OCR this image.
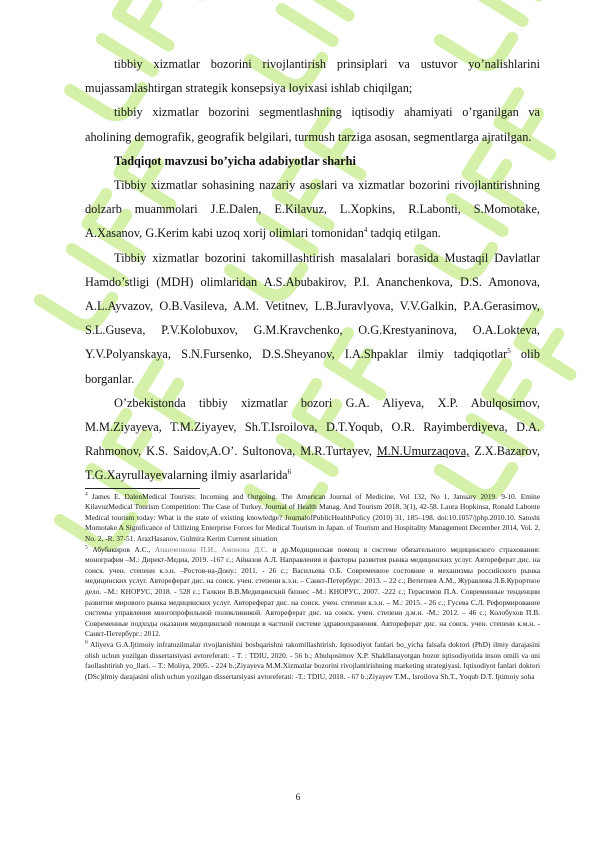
tibbiy xizmatlar bozorini rivojlantirish prinsiplari va ustuvor yo’nalishlarini mujassamlashtirgan strategik konsepsiya loyixasi ishlab chiqilgan;

tibbiy xizmatlar bozorini segmentlashning iqtisodiy ahamiyati o’rganilgan va aholining demografik, geografik belgilari, turmush tarziga asosan, segmentlarga ajratilgan.

Tadqiqot mavzusi bo’yicha adabiyotlar sharhi

Tibbiy xizmatlar sohasining nazariy asoslari va xizmatlar bozorini rivojlantirishning dolzarb muammolari J.E.Dalen, E.Kilavuz, L.Xopkins, R.Labonti, S.Momotake, A.Xasanov, G.Kerim kabi uzoq xorij olimlari tomonidan$^4$ tadqiq etilgan.

Tibbiy xizmatlar bozorini takomillashtirish masalalari borasida Mustaqil Davlatlar Hamdo’stligi (MDH) olimlaridan A.S.Abubakirov, P.I. Ananchenkova, D.S. Amonova, A.L.Ayvazov, O.B.Vasileva, A.M. Vetitnev, L.B.Juravlyova, V.V.Galkin, P.A.Gerasimov, S.L.Guseva, P.V.Kolobuxov, G.M.Kravchenko, O.G.Krestyaninova, O.A.Lokteva, Y.V.Polyanskaya, S.N.Fursenko, D.S.Sheyanov, I.A.Shpaklar ilmiy tadqiqotlar$^5$ olib borganlar.

O’zbekistonda tibbiy xizmatlar bozori G.A. Aliyeva, X.P. Abulqosimov, M.M.Ziyayeva, T.M.Ziyayev, Sh.T.Isroilova, D.T.Yoqub, O.R. Rayimberdiyeva, D.A. Rahmonov, K.S. Saidov,A.O’. Sultonova, M.R.Turtayev, M.N.Umurzaqova, Z.X.Bazarov, T.G.Xayrullayevalarning ilmiy asarlarida$^6$

$^4$ James E. DalenMedical Tourists: Incoming and Outgoing. The American Journal of Medicine, Vol 132, No 1, January 2019. 9-10. Emine KilavuzMedical Tourism Competition: The Case of Turkey. Journal of Health Manag. And Tourism 2018, 3(1), 42-58. Laura Hopkinsa, Ronald Labonte Medical tourism today: What is the state of existing knowledge? JournalofPublicHealthPolicy (2010) 31, 185–198. doi:10.1057/jphp.2010.10. Satoshi Momotake A Significance of Utilizing Enterprise Forces for Medical Tourism in Japan. of Tourism and Hospitality Management December 2014, Vol. 2, No. 2, -R. 37-51. ArazHasanov, Gulmira Kerim Current situation

$^5$ Абубакиров А.С., Ананченкова П.И., Амонова Д.С. и др.Медицинская помощ в системе обязательного медицинского страхования: монография –М.: Директ-Медиа, 2019. -167 с.; Айвазов А.Л. Направления и факторы развития рынка медицинских услуг. Автореферат дис. на соиск. учен. степени к.э.н. –Ростов-на-Дону.: 2011. - 26 с.; Васильева О.Б. Современное состояние и механизмы российского рынка медицинских услуг. Автореферат дис. на соиск. учен. степени к.э.н. – Санкт-Петербург.: 2013. – 22 с.; Ветитнев А.М., Журавлева Л.Б.Курортное дело. –М.: КНОРУС, 2018. - 528 с.; Галкин В.В.Медицинский бизнес –М.: КНОРУС, 2007. -222 с.; Герасимов П.А. Современные тенденции развития мирового рынка медицинских услуг. Автореферат дис. на соиск. учен. степени к.э.н. – М.: 2015. - 26 с.; Гусева С.Л. Реформирование системы управления многопрофильной поликлиникой. Автореферат дис. на соиск. учен. степени д.м.н. -М.: 2012. – 46 с.; Колобухов П.В. Современные подходы оказания медицинской помощи в частной системе здравоохранения. Автореферат дис. на соиск. учен. степени к.м.н. - Санкт-Петербург.: 2012.

$^6$ Aliyeva G.A.Ijtimoiy infratuzilmalar rivojlanishini boshqarishni takomillashtirish. Iqtisodiyot fanlari bo_yicha falsafa doktori (PhD) ilmiy darajasini olish uchun yozilgan dissertatsiyasi avtoreferati: - T. : TDIU, 2020. - 56 b.; Abulqosimov X.P. Shakllanayotgan bozor iqtisodiyotida inson omili va uni faollashtirish yo_llari. – T.: Moliya, 2005. - 224 b.;Ziyayeva M.M.Xizmatlar bozorini rivojlantirishning marketing strategiyasi. Iqtisodiyot fanlari doktori (DSc)ilmiy darajasini olish uchun yozilgan dissertatsiyasi avtoreferati: -T.: TDIU, 2018. - 67 b.;Ziyayev T.M., Isroilova Sh.T., Yoqub D.T. Ijtimoiy soha

6
